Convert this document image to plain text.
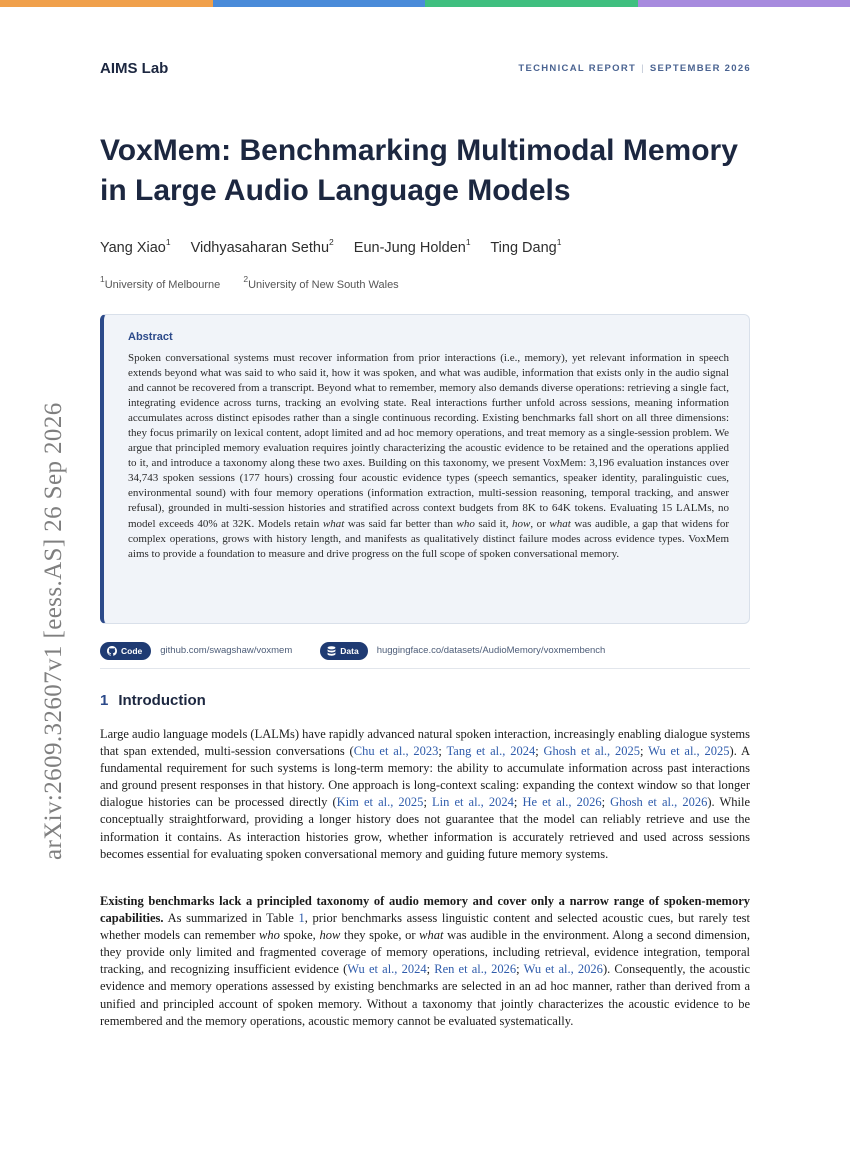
AIMS Lab	TECHNICAL REPORT | SEPTEMBER 2026
VoxMem: Benchmarking Multimodal Memory
in Large Audio Language Models
Yang Xiao$^1$ Vidhyasaharan Sethu$^2$ Eun-Jung Holden$^1$ Ting Dang$^1$
$^1$University of Melbourne	$^2$University of New South Wales
Abstract
Spoken conversational systems must recover information from prior interactions (i.e., memory), yet relevant information in speech extends beyond what was said to who said it, how it was spoken, and what was audible, information that exists only in the audio signal and cannot be recovered from a transcript. Beyond what to remember, memory also demands diverse operations: retrieving a single fact, integrating evidence across turns, tracking an evolving state. Real interactions further unfold across sessions, meaning information accumulates across distinct episodes rather than a single continuous recording. Existing benchmarks fall short on all three dimensions: they focus primarily on lexical content, adopt limited and ad hoc memory operations, and treat memory as a single-session problem. We argue that principled memory evaluation requires jointly characterizing the acoustic evidence to be retained and the operations applied to it, and introduce a taxonomy along these two axes. Building on this taxonomy, we present VoxMem: 3,196 evaluation instances over 34,743 spoken sessions (177 hours) crossing four acoustic evidence types (speech semantics, speaker identity, paralinguistic cues, environmental sound) with four memory operations (information extraction, multi-session reasoning, temporal tracking, and answer refusal), grounded in multi-session histories and stratified across context budgets from 8K to 64K tokens. Evaluating 15 LALMs, no model exceeds 40% at 32K. Models retain what was said far better than who said it, how, or what was audible, a gap that widens for complex operations, grows with history length, and manifests as qualitatively distinct failure modes across evidence types. VoxMem aims to provide a foundation to measure and drive progress on the full scope of spoken conversational memory.
Code github.com/swagshaw/voxmem	Data huggingface.co/datasets/AudioMemory/voxmembench
1 Introduction

Large audio language models (LALMs) have rapidly advanced natural spoken interaction, increasingly enabling dialogue systems that span extended, multi-session conversations (Chu et al., 2023; Tang et al., 2024; Ghosh et al., 2025; Wu et al., 2025). A fundamental requirement for such systems is long-term memory: the ability to accumulate information across past interactions and ground present responses in that history. One approach is long-context scaling: expanding the context window so that longer dialogue histories can be processed directly (Kim et al., 2025; Lin et al., 2024; He et al., 2026; Ghosh et al., 2026). While conceptually straightforward, providing a longer history does not guarantee that the model can reliably retrieve and use the information it contains. As interaction histories grow, whether information is accurately retrieved and used across sessions becomes essential for evaluating spoken conversational memory and guiding future memory systems.

Existing benchmarks lack a principled taxonomy of audio memory and cover only a narrow range of spoken-memory capabilities. As summarized in Table 1, prior benchmarks assess linguistic content and selected acoustic cues, but rarely test whether models can remember who spoke, how they spoke, or what was audible in the environment. Along a second dimension, they provide only limited and fragmented coverage of memory operations, including retrieval, evidence integration, temporal tracking, and recognizing insufficient evidence (Wu et al., 2024; Ren et al., 2026; Wu et al., 2026). Consequently, the acoustic evidence and memory operations assessed by existing benchmarks are selected in an ad hoc manner, rather than derived from a unified and principled account of spoken memory. Without a taxonomy that jointly characterizes the acoustic evidence to be remembered and the memory operations, acoustic memory cannot be evaluated systematically.

arXiv:2609.32607v1 [eess.AS] 26 Sep 2026
